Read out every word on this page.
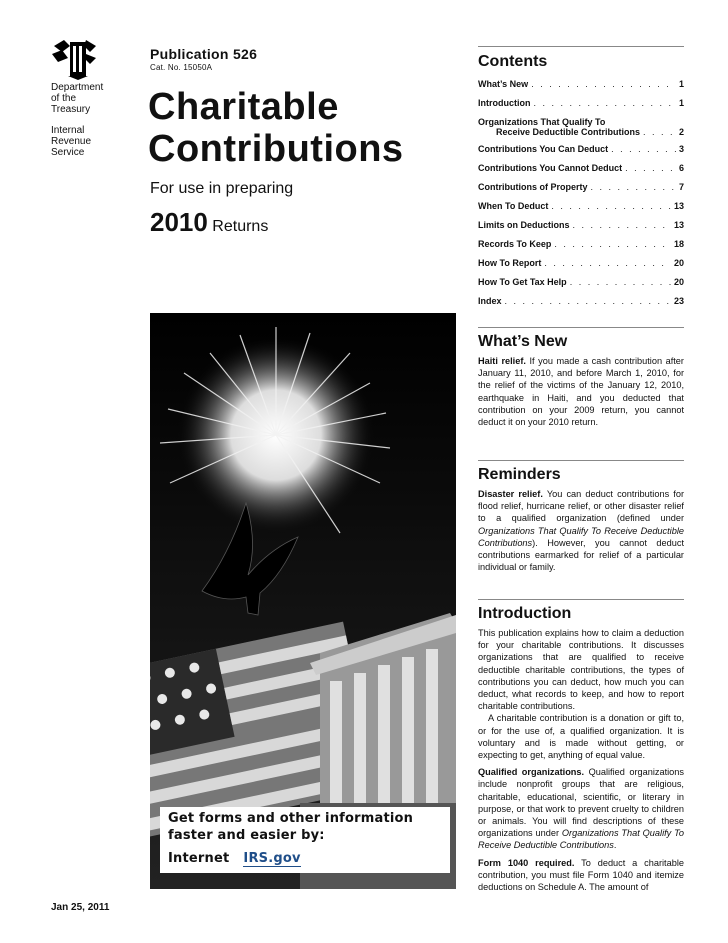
Department
of the
Treasury
Internal
Revenue
Service
Jan 25, 2011
Publication 526
Cat. No. 15050A
Charitable
Contributions
For use in preparing
2010 Returns
Get forms and other information
faster and easier by:
Internet IRS.gov
Contents
What’s New . . .	1
Introduction . . .	1
Organizations That Qualify To
Receive Deductible Contributions . . .	2
Contributions You Can Deduct . . .	3
Contributions You Cannot Deduct . . .	6
Contributions of Property . . .	7
When To Deduct . . .	13
Limits on Deductions . . .	13
Records To Keep . . .	18
How To Report . . .	20
How To Get Tax Help . . .	20
Index . . .	23
What’s New
Haiti relief. If you made a cash contribution after January 11, 2010, and before March 1, 2010, for the relief of the victims of the January 12, 2010, earthquake in Haiti, and you deducted that contribution on your 2009 return, you cannot deduct it on your 2010 return.
Reminders
Disaster relief. You can deduct contributions for flood relief, hurricane relief, or other disaster relief to a qualified organization (defined under Organizations That Qualify To Receive Deductible Contributions). However, you cannot deduct contributions earmarked for relief of a particular individual or family.
Introduction
This publication explains how to claim a deduction for your charitable contributions. It discusses organizations that are qualified to receive deductible charitable contributions, the types of contributions you can deduct, how much you can deduct, what records to keep, and how to report charitable contributions.
A charitable contribution is a donation or gift to, or for the use of, a qualified organization. It is voluntary and is made without getting, or expecting to get, anything of equal value.
Qualified organizations. Qualified organizations include nonprofit groups that are religious, charitable, educational, scientific, or literary in purpose, or that work to prevent cruelty to children or animals. You will find descriptions of these organizations under Organizations That Qualify To Receive Deductible Contributions.
Form 1040 required. To deduct a charitable contribution, you must file Form 1040 and itemize deductions on Schedule A. The amount of
